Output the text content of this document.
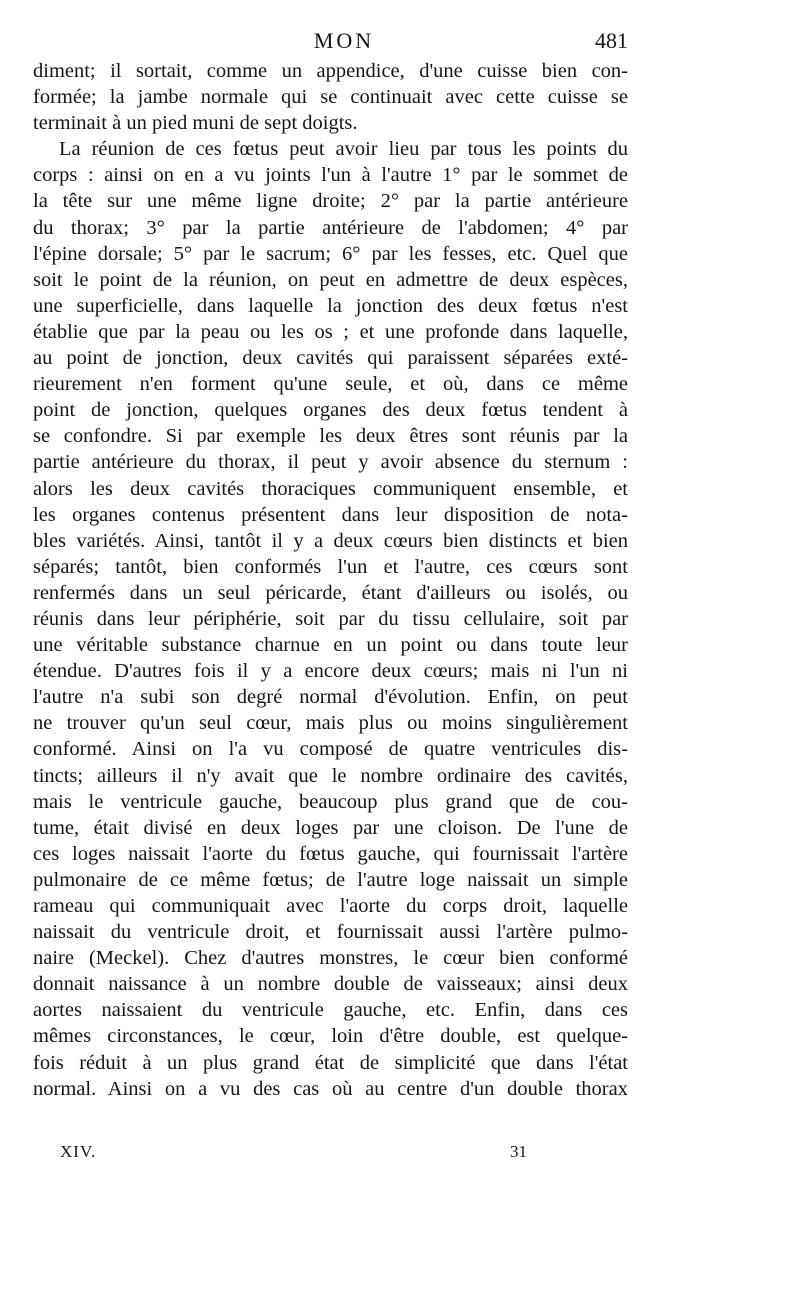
MON	481

diment; il sortait, comme un appendice, d'une cuisse bien con-
formée; la jambe normale qui se continuait avec cette cuisse se
terminait à un pied muni de sept doigts.

La réunion de ces fœtus peut avoir lieu par tous les points du
corps : ainsi on en a vu joints l'un à l'autre 1° par le sommet de
la tête sur une même ligne droite; 2° par la partie antérieure
du thorax; 3° par la partie antérieure de l'abdomen; 4° par
l'épine dorsale; 5° par le sacrum; 6° par les fesses, etc. Quel que
soit le point de la réunion, on peut en admettre de deux espèces,
une superficielle, dans laquelle la jonction des deux fœtus n'est
établie que par la peau ou les os ; et une profonde dans laquelle,
au point de jonction, deux cavités qui paraissent séparées exté-
rieurement n'en forment qu'une seule, et où, dans ce même
point de jonction, quelques organes des deux fœtus tendent à
se confondre. Si par exemple les deux êtres sont réunis par la
partie antérieure du thorax, il peut y avoir absence du sternum :
alors les deux cavités thoraciques communiquent ensemble, et
les organes contenus présentent dans leur disposition de nota-
bles variétés. Ainsi, tantôt il y a deux cœurs bien distincts et bien
séparés; tantôt, bien conformés l'un et l'autre, ces cœurs sont
renfermés dans un seul péricarde, étant d'ailleurs ou isolés, ou
réunis dans leur périphérie, soit par du tissu cellulaire, soit par
une véritable substance charnue en un point ou dans toute leur
étendue. D'autres fois il y a encore deux cœurs; mais ni l'un ni
l'autre n'a subi son degré normal d'évolution. Enfin, on peut
ne trouver qu'un seul cœur, mais plus ou moins singulièrement
conformé. Ainsi on l'a vu composé de quatre ventricules dis-
tincts; ailleurs il n'y avait que le nombre ordinaire des cavités,
mais le ventricule gauche, beaucoup plus grand que de cou-
tume, était divisé en deux loges par une cloison. De l'une de
ces loges naissait l'aorte du fœtus gauche, qui fournissait l'artère
pulmonaire de ce même fœtus; de l'autre loge naissait un simple
rameau qui communiquait avec l'aorte du corps droit, laquelle
naissait du ventricule droit, et fournissait aussi l'artère pulmo-
naire (Meckel). Chez d'autres monstres, le cœur bien conformé
donnait naissance à un nombre double de vaisseaux; ainsi deux
aortes naissaient du ventricule gauche, etc. Enfin, dans ces
mêmes circonstances, le cœur, loin d'être double, est quelque-
fois réduit à un plus grand état de simplicité que dans l'état
normal. Ainsi on a vu des cas où au centre d'un double thorax

XIV.	31
